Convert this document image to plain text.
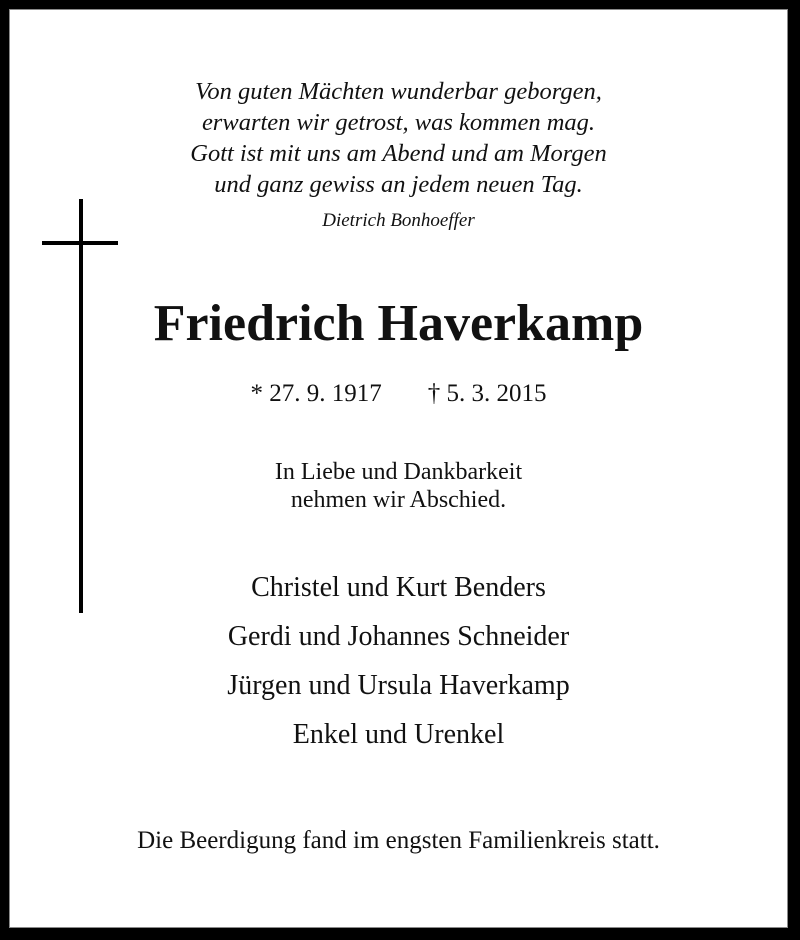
Von guten Mächten wunderbar geborgen,
erwarten wir getrost, was kommen mag.
Gott ist mit uns am Abend und am Morgen
und ganz gewiss an jedem neuen Tag.
Dietrich Bonhoeffer
Friedrich Haverkamp
* 27. 9. 1917 † 5. 3. 2015
In Liebe und Dankbarkeit
nehmen wir Abschied.
Christel und Kurt Benders
Gerdi und Johannes Schneider
Jürgen und Ursula Haverkamp
Enkel und Urenkel
Die Beerdigung fand im engsten Familienkreis statt.
